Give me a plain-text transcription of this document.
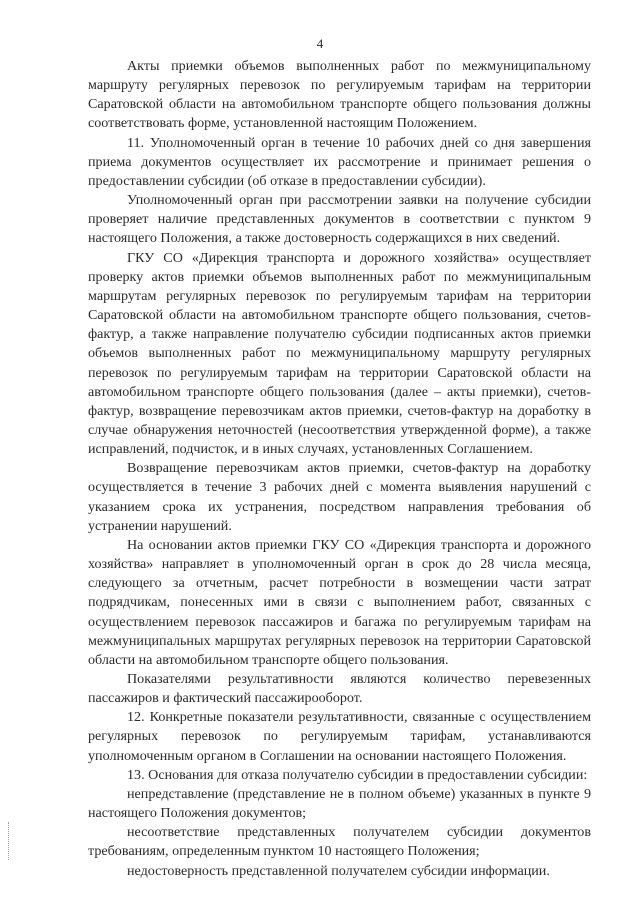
4

Акты приемки объемов выполненных работ по межмуниципальному маршруту регулярных перевозок по регулируемым тарифам на территории Саратовской области на автомобильном транспорте общего пользования должны соответствовать форме, установленной настоящим Положением.

11. Уполномоченный орган в течение 10 рабочих дней со дня завершения приема документов осуществляет их рассмотрение и принимает решения о предоставлении субсидии (об отказе в предоставлении субсидии).

Уполномоченный орган при рассмотрении заявки на получение субсидии проверяет наличие представленных документов в соответствии с пунктом 9 настоящего Положения, а также достоверность содержащихся в них сведений.

ГКУ СО «Дирекция транспорта и дорожного хозяйства» осуществляет проверку актов приемки объемов выполненных работ по межмуниципальным маршрутам регулярных перевозок по регулируемым тарифам на территории Саратовской области на автомобильном транспорте общего пользования, счетов-фактур, а также направление получателю субсидии подписанных актов приемки объемов выполненных работ по межмуниципальному маршруту регулярных перевозок по регулируемым тарифам на территории Саратовской области на автомобильном транспорте общего пользования (далее – акты приемки), счетов-фактур, возвращение перевозчикам актов приемки, счетов-фактур на доработку в случае обнаружения неточностей (несоответствия утвержденной форме), а также исправлений, подчисток, и в иных случаях, установленных Соглашением.

Возвращение перевозчикам актов приемки, счетов-фактур на доработку осуществляется в течение 3 рабочих дней с момента выявления нарушений с указанием срока их устранения, посредством направления требования об устранении нарушений.

На основании актов приемки ГКУ СО «Дирекция транспорта и дорожного хозяйства» направляет в уполномоченный орган в срок до 28 числа месяца, следующего за отчетным, расчет потребности в возмещении части затрат подрядчикам, понесенных ими в связи с выполнением работ, связанных с осуществлением перевозок пассажиров и багажа по регулируемым тарифам на межмуниципальных маршрутах регулярных перевозок на территории Саратовской области на автомобильном транспорте общего пользования.

Показателями результативности являются количество перевезенных пассажиров и фактический пассажирооборот.

12. Конкретные показатели результативности, связанные с осуществлением регулярных перевозок по регулируемым тарифам, устанавливаются уполномоченным органом в Соглашении на основании настоящего Положения.

13. Основания для отказа получателю субсидии в предоставлении субсидии:

непредставление (представление не в полном объеме) указанных в пункте 9 настоящего Положения документов;

несоответствие представленных получателем субсидии документов требованиям, определенным пунктом 10 настоящего Положения;

недостоверность представленной получателем субсидии информации.
